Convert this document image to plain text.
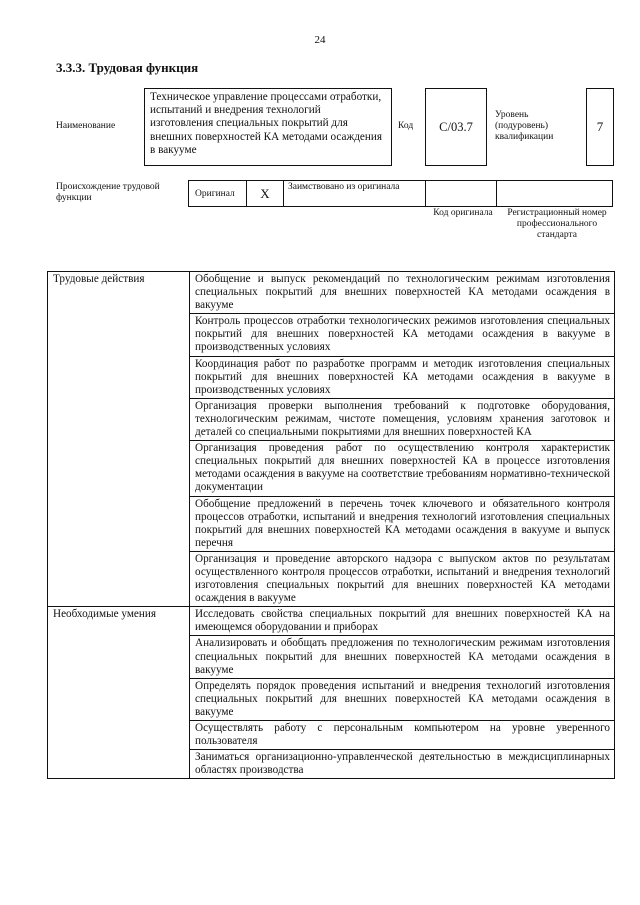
24
3.3.3. Трудовая функция
Наименование
Техническое управление процессами отработки, испытаний и внедрения технологий изготовления специальных покрытий для внешних поверхностей КА методами осаждения в вакууме
Код	C/03.7
Уровень (подуровень) квалификации
7
Происхождение трудовой функции	Оригинал	X	Заимствовано из оригинала
Код оригинала	Регистрационный номер профессионального стандарта
Трудовые действия	Обобщение и выпуск рекомендаций по технологическим режимам изготовления специальных покрытий для внешних поверхностей КА методами осаждения в вакууме
	Контроль процессов отработки технологических режимов изготовления специальных покрытий для внешних поверхностей КА методами осаждения в вакууме в производственных условиях
	Координация работ по разработке программ и методик изготовления специальных покрытий для внешних поверхностей КА методами осаждения в вакууме в производственных условиях
	Организация проверки выполнения требований к подготовке оборудования, технологическим режимам, чистоте помещения, условиям хранения заготовок и деталей со специальными покрытиями для внешних поверхностей КА
	Организация проведения работ по осуществлению контроля характеристик специальных покрытий для внешних поверхностей КА в процессе изготовления методами осаждения в вакууме на соответствие требованиям нормативно-технической документации
	Обобщение предложений в перечень точек ключевого и обязательного контроля процессов отработки, испытаний и внедрения технологий изготовления специальных покрытий для внешних поверхностей КА методами осаждения в вакууме и выпуск перечня
	Организация и проведение авторского надзора с выпуском актов по результатам осуществленного контроля процессов отработки, испытаний и внедрения технологий изготовления специальных покрытий для внешних поверхностей КА методами осаждения в вакууме
Необходимые умения	Исследовать свойства специальных покрытий для внешних поверхностей КА на имеющемся оборудовании и приборах
	Анализировать и обобщать предложения по технологическим режимам изготовления специальных покрытий для внешних поверхностей КА методами осаждения в вакууме
	Определять порядок проведения испытаний и внедрения технологий изготовления специальных покрытий для внешних поверхностей КА методами осаждения в вакууме
	Осуществлять работу с персональным компьютером на уровне уверенного пользователя
	Заниматься организационно-управленческой деятельностью в междисциплинарных областях производства
